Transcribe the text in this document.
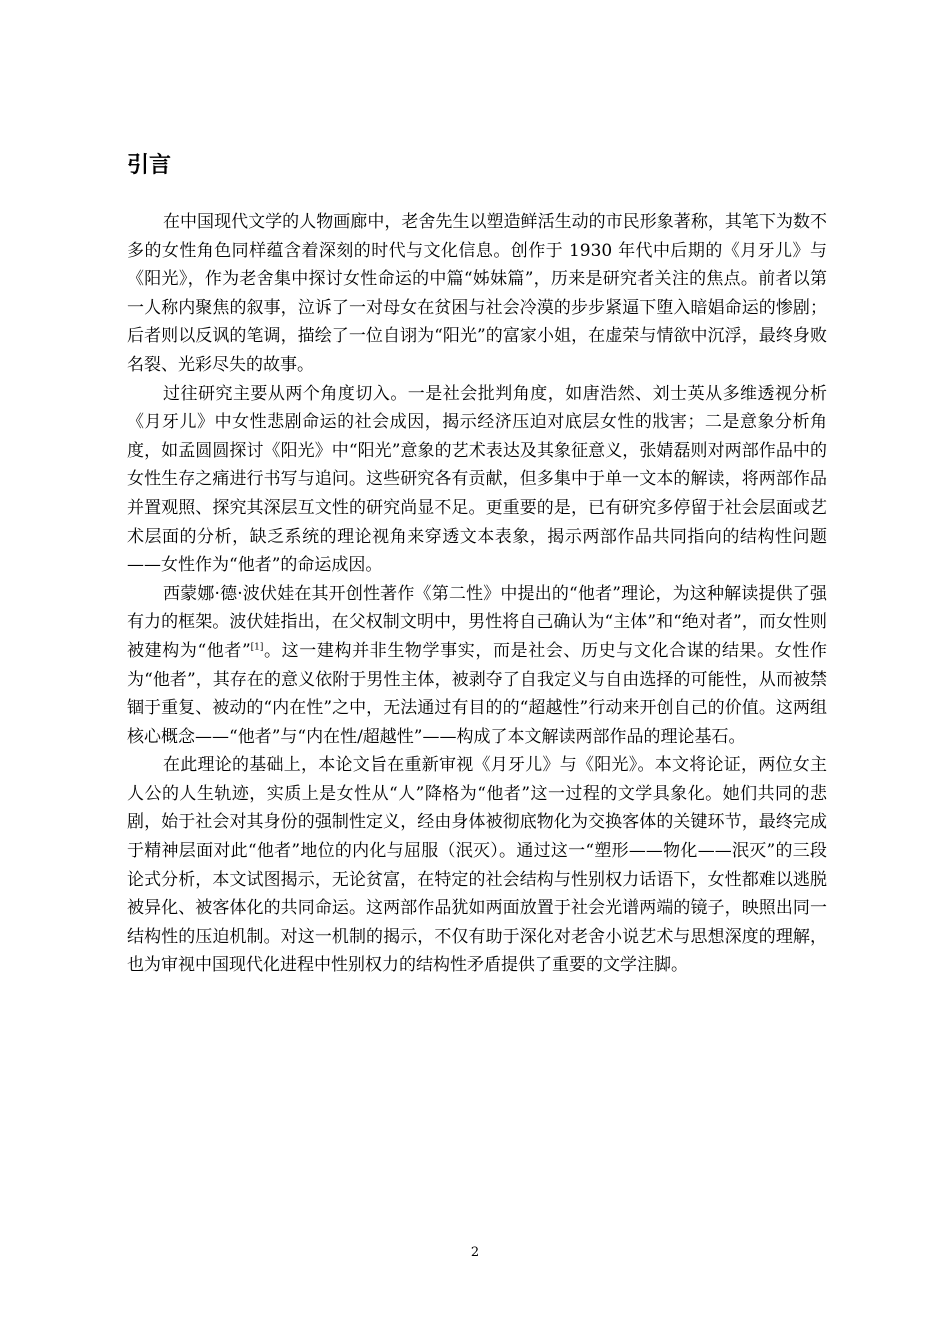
引言

在中国现代文学的人物画廊中，老舍先生以塑造鲜活生动的市民形象著称，其笔下为数不多的女性角色同样蕴含着深刻的时代与文化信息。创作于 1930 年代中后期的《月牙儿》与《阳光》，作为老舍集中探讨女性命运的中篇“姊妹篇”，历来是研究者关注的焦点。前者以第一人称内聚焦的叙事，泣诉了一对母女在贫困与社会冷漠的步步紧逼下堕入暗娼命运的惨剧；后者则以反讽的笔调，描绘了一位自诩为“阳光”的富家小姐，在虚荣与情欲中沉浮，最终身败名裂、光彩尽失的故事。

过往研究主要从两个角度切入。一是社会批判角度，如唐浩然、刘士英从多维透视分析《月牙儿》中女性悲剧命运的社会成因，揭示经济压迫对底层女性的戕害；二是意象分析角度，如孟圆圆探讨《阳光》中“阳光”意象的艺术表达及其象征意义，张婧磊则对两部作品中的女性生存之痛进行书写与追问。这些研究各有贡献，但多集中于单一文本的解读，将两部作品并置观照、探究其深层互文性的研究尚显不足。更重要的是，已有研究多停留于社会层面或艺术层面的分析，缺乏系统的理论视角来穿透文本表象，揭示两部作品共同指向的结构性问题——女性作为“他者”的命运成因。

西蒙娜·德·波伏娃在其开创性著作《第二性》中提出的“他者”理论，为这种解读提供了强有力的框架。波伏娃指出，在父权制文明中，男性将自己确认为“主体”和“绝对者”，而女性则被建构为“他者”[1]。这一建构并非生物学事实，而是社会、历史与文化合谋的结果。女性作为“他者”，其存在的意义依附于男性主体，被剥夺了自我定义与自由选择的可能性，从而被禁锢于重复、被动的“内在性”之中，无法通过有目的的“超越性”行动来开创自己的价值。这两组核心概念——“他者”与“内在性/超越性”——构成了本文解读两部作品的理论基石。

在此理论的基础上，本论文旨在重新审视《月牙儿》与《阳光》。本文将论证，两位女主人公的人生轨迹，实质上是女性从“人”降格为“他者”这一过程的文学具象化。她们共同的悲剧，始于社会对其身份的强制性定义，经由身体被彻底物化为交换客体的关键环节，最终完成于精神层面对此“他者”地位的内化与屈服（泯灭）。通过这一“塑形——物化——泯灭”的三段论式分析，本文试图揭示，无论贫富，在特定的社会结构与性别权力话语下，女性都难以逃脱被异化、被客体化的共同命运。这两部作品犹如两面放置于社会光谱两端的镜子，映照出同一结构性的压迫机制。对这一机制的揭示，不仅有助于深化对老舍小说艺术与思想深度的理解，也为审视中国现代化进程中性别权力的结构性矛盾提供了重要的文学注脚。

2
